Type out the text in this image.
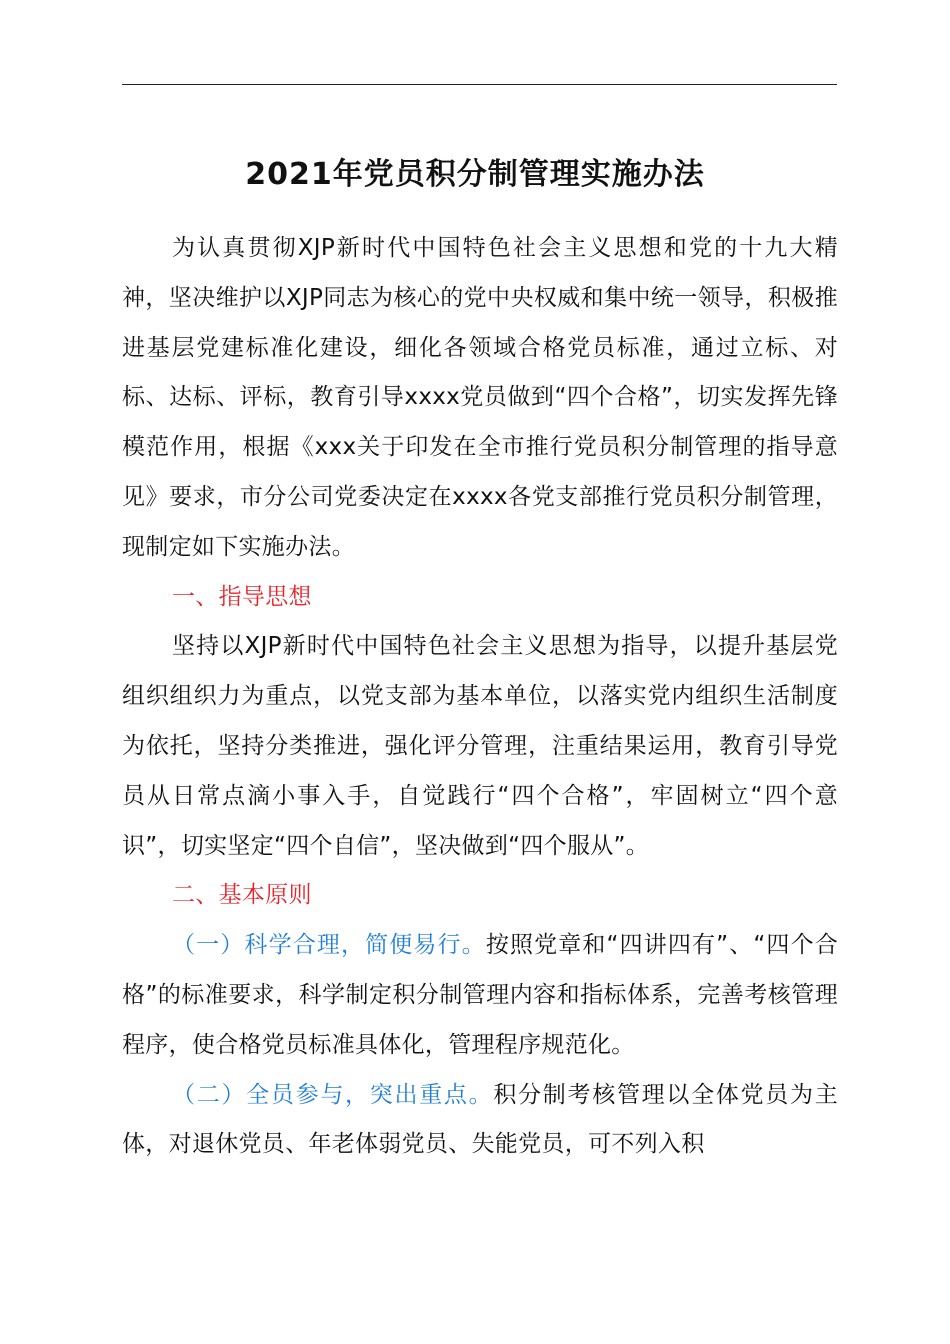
2021年党员积分制管理实施办法

为认真贯彻XJP新时代中国特色社会主义思想和党的十九大精神，坚决维护以XJP同志为核心的党中央权威和集中统一领导，积极推进基层党建标准化建设，细化各领域合格党员标准，通过立标、对标、达标、评标，教育引导xxxx党员做到“四个合格”，切实发挥先锋模范作用，根据《xxx关于印发在全市推行党员积分制管理的指导意见》要求，市分公司党委决定在xxxx各党支部推行党员积分制管理，现制定如下实施办法。

一、指导思想

坚持以XJP新时代中国特色社会主义思想为指导，以提升基层党组织组织力为重点，以党支部为基本单位，以落实党内组织生活制度为依托，坚持分类推进，强化评分管理，注重结果运用，教育引导党员从日常点滴小事入手，自觉践行“四个合格”，牢固树立“四个意识”，切实坚定“四个自信”，坚决做到“四个服从”。

二、基本原则

（一）科学合理，简便易行。按照党章和“四讲四有”、“四个合格”的标准要求，科学制定积分制管理内容和指标体系，完善考核管理程序，使合格党员标准具体化，管理程序规范化。

（二）全员参与，突出重点。积分制考核管理以全体党员为主体，对退休党员、年老体弱党员、失能党员，可不列入积
